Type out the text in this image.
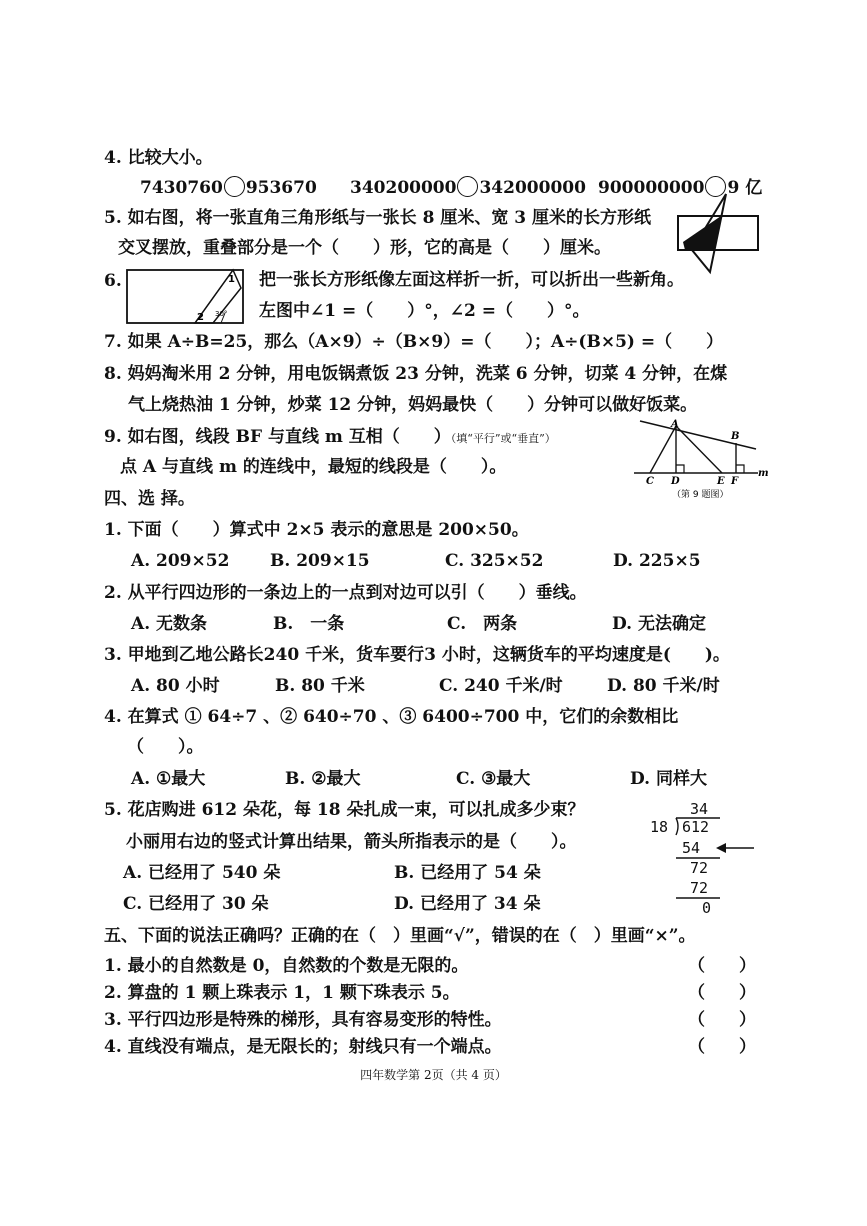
4. 比较大小。
7430760 953670 340200000 342000000 900000000 9 亿
5. 如右图，将一张直角三角形纸与一张长 8 厘米、宽 3 厘米的长方形纸
交叉摆放，重叠部分是一个（　　）形，它的高是（　　）厘米。
6.	1
2 30°
把一张长方形纸像左面这样折一折，可以折出一些新角。
左图中∠1 =（　　）°，∠2 =（　　）°。
7. 如果 A÷B=25，那么（A×9）÷（B×9）=（　　）；A÷(B×5) =（　　）
8. 妈妈淘米用 2 分钟，用电饭锅煮饭 23 分钟，洗菜 6 分钟，切菜 4 分钟，在煤
气上烧热油 1 分钟，炒菜 12 分钟，妈妈最快（　　）分钟可以做好饭菜。
9. 如右图，线段 BF 与直线 m 互相（　　）（填“平行”或“垂直”）
点 A 与直线 m 的连线中，最短的线段是（　　）。
A
B
C D	E F
m
（第 9 题图）
四、选 择。
1. 下面（　　）算式中 2×5 表示的意思是 200×50。
A. 209×52 B. 209×15	C. 325×52	D. 225×5
2. 从平行四边形的一条边上的一点到对边可以引（　　）垂线。
A. 无数条	B.　一条	C.　两条	D. 无法确定
3. 甲地到乙地公路长240 千米，货车要行3 小时，这辆货车的平均速度是(　　)。
A. 80 小时	B. 80 千米	C. 240 千米/时	D. 80 千米/时
4. 在算式 ① 64÷7 、② 640÷70 、③ 6400÷700 中，它们的余数相比
（　　）。
A. ①最大	B. ②最大	C. ③最大	D. 同样大
5. 花店购进 612 朵花，每 18 朵扎成一束，可以扎成多少束？
小丽用右边的竖式计算出结果，箭头所指表示的是（　　）。
A. 已经用了 540 朵	B. 已经用了 54 朵
C. 已经用了 30 朵	D. 已经用了 34 朵
34
18 612
54
72
72
0
五、下面的说法正确吗？正确的在（　）里画“√”，错误的在（　）里画“×”。
1. 最小的自然数是 0，自然数的个数是无限的。	（　　）
2. 算盘的 1 颗上珠表示 1，1 颗下珠表示 5。	（　　）
3. 平行四边形是特殊的梯形，具有容易变形的特性。	（　　）
4. 直线没有端点，是无限长的；射线只有一个端点。	（　　）
四年数学第 2页（共 4 页）
